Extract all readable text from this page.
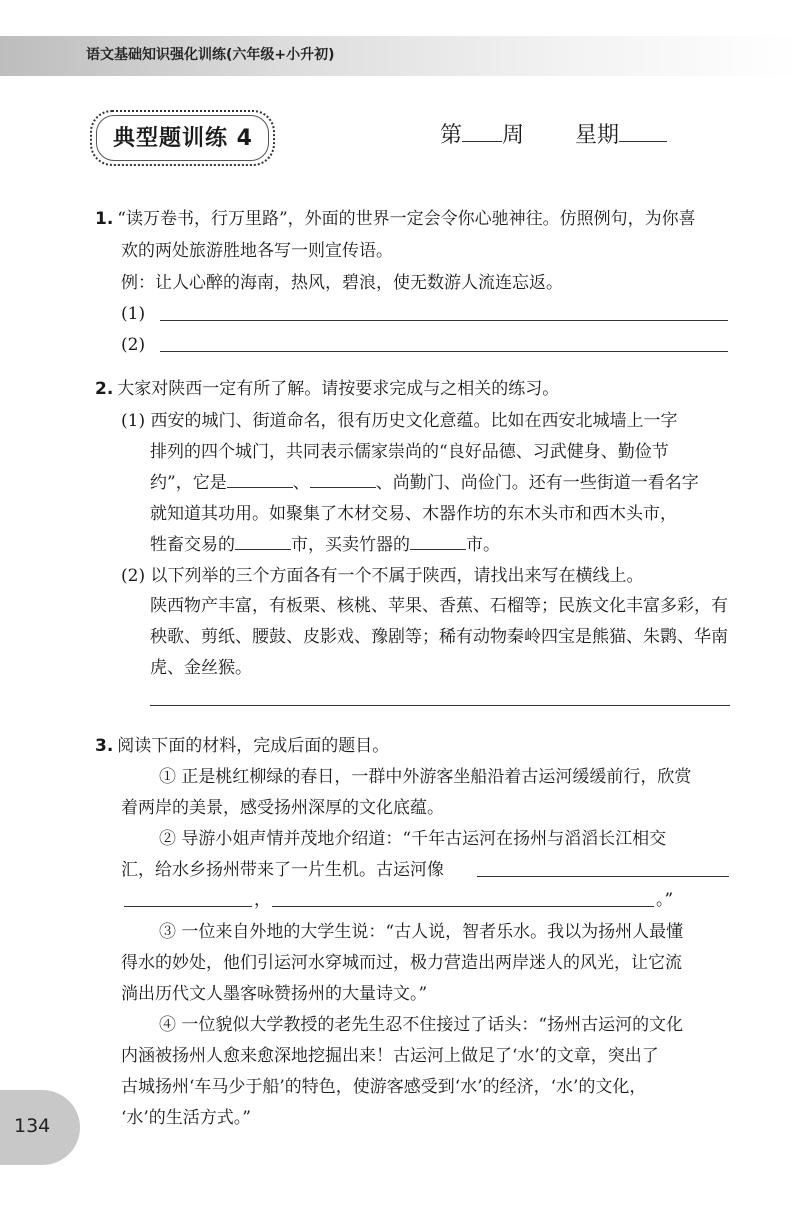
语文基础知识强化训练(六年级+小升初)
典型题训练 4	第 周 星期
1. “读万卷书，行万里路”，外面的世界一定会令你心驰神往。仿照例句，为你喜
欢的两处旅游胜地各写一则宣传语。
例：让人心醉的海南，热风，碧浪，使无数游人流连忘返。
(1)
(2)
2. 大家对陕西一定有所了解。请按要求完成与之相关的练习。
(1) 西安的城门、街道命名，很有历史文化意蕴。比如在西安北城墙上一字
排列的四个城门，共同表示儒家崇尚的“良好品德、习武健身、勤俭节
约”，它是	、	、尚勤门、尚俭门。还有一些街道一看名字
就知道其功用。如聚集了木材交易、木器作坊的东木头市和西木头市，
牲畜交易的	市，买卖竹器的	市。
(2) 以下列举的三个方面各有一个不属于陕西，请找出来写在横线上。
陕西物产丰富，有板栗、核桃、苹果、香蕉、石榴等；民族文化丰富多彩，有
秧歌、剪纸、腰鼓、皮影戏、豫剧等；稀有动物秦岭四宝是熊猫、朱鹮、华南
虎、金丝猴。
3. 阅读下面的材料，完成后面的题目。
① 正是桃红柳绿的春日，一群中外游客坐船沿着古运河缓缓前行，欣赏
着两岸的美景，感受扬州深厚的文化底蕴。
② 导游小姐声情并茂地介绍道：“千年古运河在扬州与滔滔长江相交
汇，给水乡扬州带来了一片生机。古运河像
，	。”
③ 一位来自外地的大学生说：“古人说，智者乐水。我以为扬州人最懂
得水的妙处，他们引运河水穿城而过，极力营造出两岸迷人的风光，让它流
淌出历代文人墨客咏赞扬州的大量诗文。”
④ 一位貌似大学教授的老先生忍不住接过了话头：“扬州古运河的文化
内涵被扬州人愈来愈深地挖掘出来！古运河上做足了‘水’的文章，突出了
古城扬州‘车马少于船’的特色，使游客感受到‘水’的经济，‘水’的文化，
‘水’的生活方式。”
134
